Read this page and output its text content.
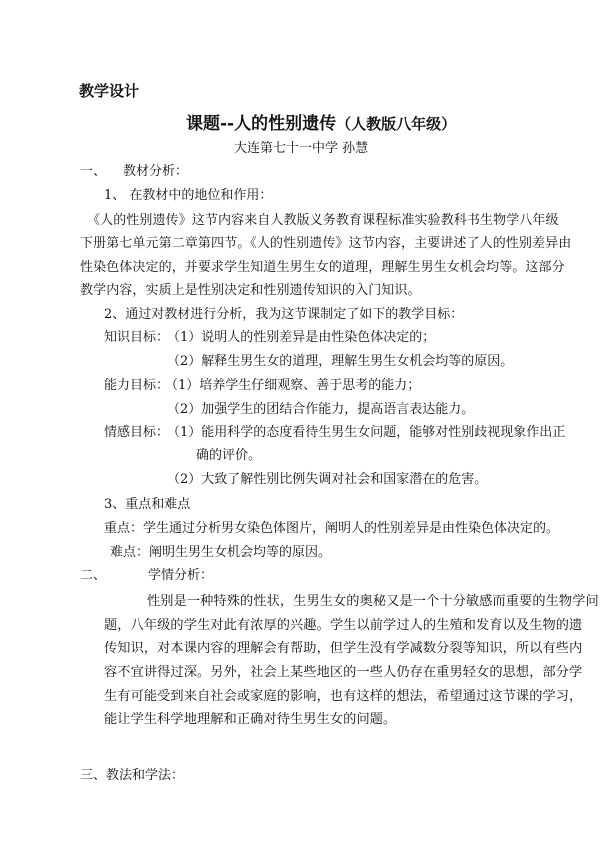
教学设计
课题--人的性别遗传（人教版八年级）
大连第七十一中学 孙慧
一、 教材分析：
1、 在教材中的地位和作用：
《人的性别遗传》这节内容来自人教版义务教育课程标准实验教科书生物学八年级
下册第七单元第二章第四节。《人的性别遗传》这节内容，主要讲述了人的性别差异由
性染色体决定的，并要求学生知道生男生女的道理，理解生男生女机会均等。这部分
教学内容，实质上是性别决定和性别遗传知识的入门知识。
2、通过对教材进行分析，我为这节课制定了如下的教学目标：
知识目标：
（1）说明人的性别差异是由性染色体决定的；
（2）解释生男生女的道理，理解生男生女机会均等的原因。
能力目标：
（1）培养学生仔细观察、善于思考的能力；
（2）加强学生的团结合作能力，提高语言表达能力。
情感目标：
（1）能用科学的态度看待生男生女问题，能够对性别歧视现象作出正
确的评价。
（2）大致了解性别比例失调对社会和国家潜在的危害。
3、重点和难点
重点：学生通过分析男女染色体图片，阐明人的性别差异是由性染色体决定的。
难点：阐明生男生女机会均等的原因。
二、	学情分析：
性别是一种特殊的性状，生男生女的奥秘又是一个十分敏感而重要的生物学问
题，八年级的学生对此有浓厚的兴趣。学生以前学过人的生殖和发育以及生物的遗
传知识，对本课内容的理解会有帮助，但学生没有学减数分裂等知识，所以有些内
容不宜讲得过深。另外，社会上某些地区的一些人仍存在重男轻女的思想，部分学
生有可能受到来自社会或家庭的影响，也有这样的想法，希望通过这节课的学习，
能让学生科学地理解和正确对待生男生女的问题。
三、教法和学法：
